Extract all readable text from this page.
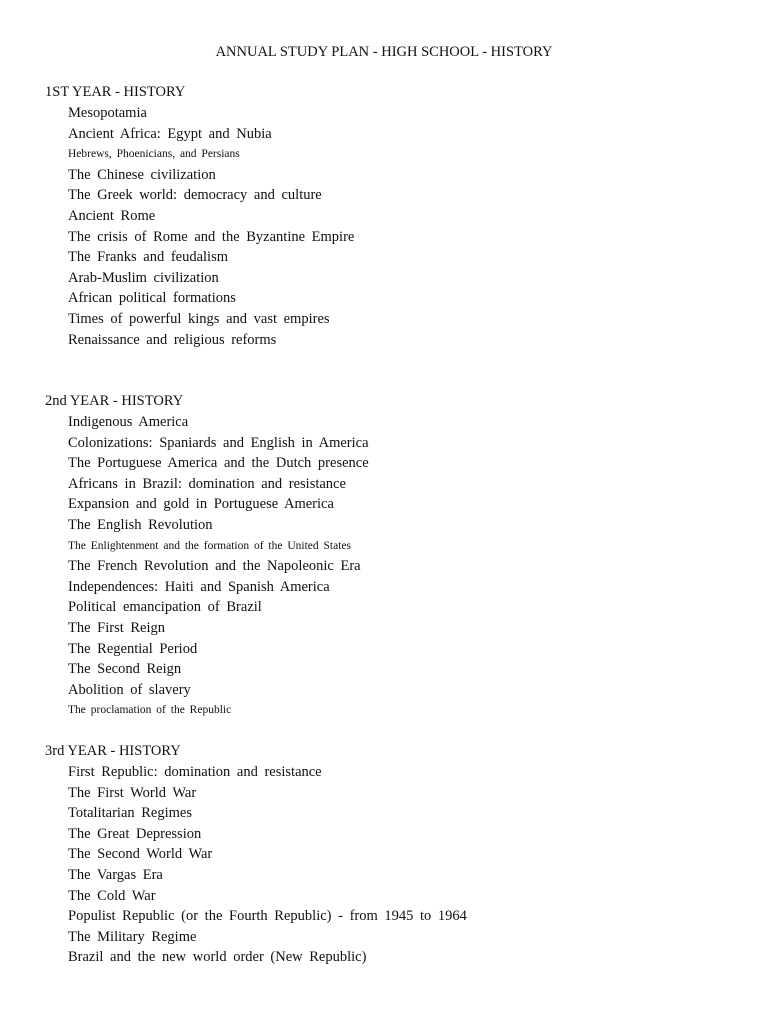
ANNUAL STUDY PLAN - HIGH SCHOOL - HISTORY
1ST YEAR - HISTORY
Mesopotamia
Ancient Africa: Egypt and Nubia
Hebrews, Phoenicians, and Persians
The Chinese civilization
The Greek world: democracy and culture
Ancient Rome
The crisis of Rome and the Byzantine Empire
The Franks and feudalism
Arab-Muslim civilization
African political formations
Times of powerful kings and vast empires
Renaissance and religious reforms
2nd YEAR - HISTORY
Indigenous America
Colonizations: Spaniards and English in America
The Portuguese America and the Dutch presence
Africans in Brazil: domination and resistance
Expansion and gold in Portuguese America
The English Revolution
The Enlightenment and the formation of the United States
The French Revolution and the Napoleonic Era
Independences: Haiti and Spanish America
Political emancipation of Brazil
The First Reign
The Regential Period
The Second Reign
Abolition of slavery
The proclamation of the Republic
3rd YEAR - HISTORY
First Republic: domination and resistance
The First World War
Totalitarian Regimes
The Great Depression
The Second World War
The Vargas Era
The Cold War
Populist Republic (or the Fourth Republic) - from 1945 to 1964
The Military Regime
Brazil and the new world order (New Republic)
